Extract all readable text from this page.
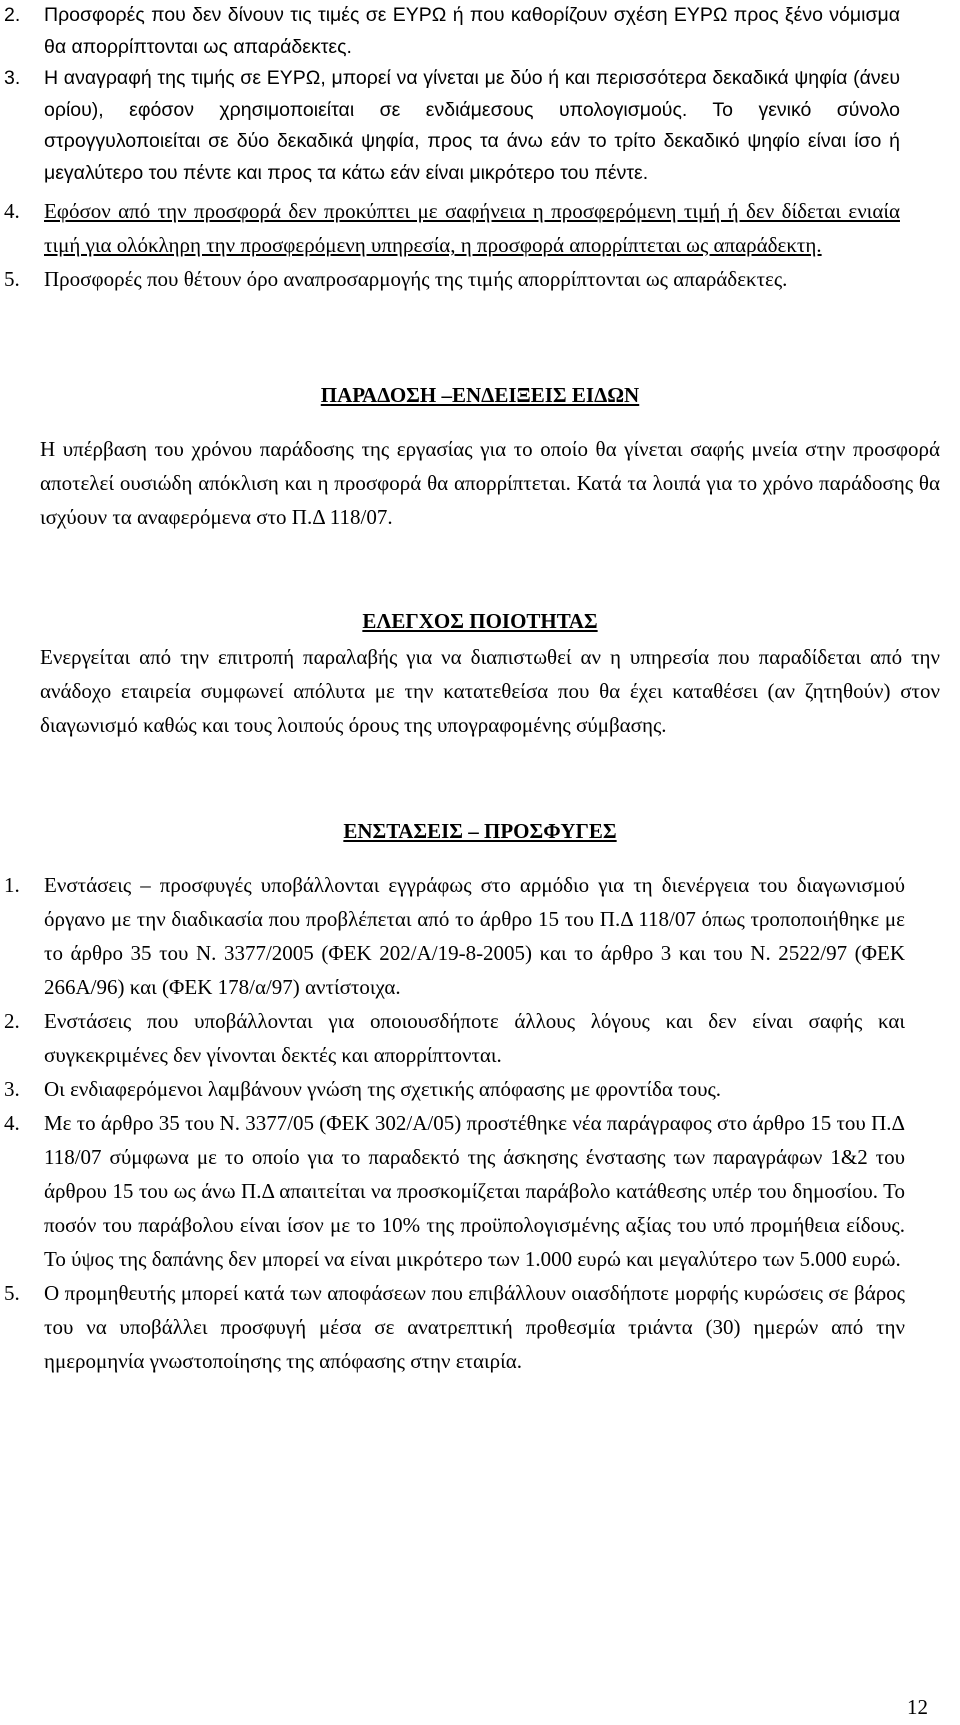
2. Προσφορές που δεν δίνουν τις τιμές σε ΕΥΡΩ ή που καθορίζουν σχέση ΕΥΡΩ προς ξένο νόμισμα θα απορρίπτονται ως απαράδεκτες.
3. Η αναγραφή της τιμής σε ΕΥΡΩ, μπορεί να γίνεται με δύο ή και περισσότερα δεκαδικά ψηφία (άνευ ορίου), εφόσον χρησιμοποιείται σε ενδιάμεσους υπολογισμούς. Το γενικό σύνολο στρογγυλοποιείται σε δύο δεκαδικά ψηφία, προς τα άνω εάν το τρίτο δεκαδικό ψηφίο είναι ίσο ή μεγαλύτερο του πέντε και προς τα κάτω εάν είναι μικρότερο του πέντε.
4. Εφόσον από την προσφορά δεν προκύπτει με σαφήνεια η προσφερόμενη τιμή ή δεν δίδεται ενιαία τιμή για ολόκληρη την προσφερόμενη υπηρεσία, η προσφορά απορρίπτεται ως απαράδεκτη.
5. Προσφορές που θέτουν όρο αναπροσαρμογής της τιμής απορρίπτονται ως απαράδεκτες.
ΠΑΡΑΔΟΣΗ –ΕΝΔΕΙΞΕΙΣ ΕΙΔΩΝ
Η υπέρβαση του χρόνου παράδοσης της εργασίας για το οποίο θα γίνεται σαφής μνεία στην προσφορά αποτελεί ουσιώδη απόκλιση και η προσφορά θα απορρίπτεται. Κατά τα λοιπά για το χρόνο παράδοσης θα ισχύουν τα αναφερόμενα στο Π.Δ 118/07.
ΕΛΕΓΧΟΣ ΠΟΙΟΤΗΤΑΣ
Ενεργείται από την επιτροπή παραλαβής για να διαπιστωθεί αν η υπηρεσία που παραδίδεται από την ανάδοχο εταιρεία συμφωνεί απόλυτα με την κατατεθείσα που θα έχει καταθέσει (αν ζητηθούν) στον διαγωνισμό καθώς και τους λοιπούς όρους της υπογραφομένης σύμβασης.
ΕΝΣΤΑΣΕΙΣ – ΠΡΟΣΦΥΓΕΣ
1. Ενστάσεις – προσφυγές υποβάλλονται εγγράφως στο αρμόδιο για τη διενέργεια του διαγωνισμού όργανο με την διαδικασία που προβλέπεται από το άρθρο 15 του Π.Δ 118/07 όπως τροποποιήθηκε με το άρθρο 35 του Ν. 3377/2005 (ΦΕΚ 202/Α/19-8-2005) και το άρθρο 3 και του Ν. 2522/97 (ΦΕΚ 266Α/96) και (ΦΕΚ 178/α/97) αντίστοιχα.
2. Ενστάσεις που υποβάλλονται για οποιουσδήποτε άλλους λόγους και δεν είναι σαφής και συγκεκριμένες δεν γίνονται δεκτές και απορρίπτονται.
3. Οι ενδιαφερόμενοι λαμβάνουν γνώση της σχετικής απόφασης με φροντίδα τους.
4. Με το άρθρο 35 του Ν. 3377/05 (ΦΕΚ 302/Α/05) προστέθηκε νέα παράγραφος στο άρθρο 15 του Π.Δ 118/07 σύμφωνα με το οποίο για το παραδεκτό της άσκησης ένστασης των παραγράφων 1&2 του άρθρου 15 του ως άνω Π.Δ απαιτείται να προσκομίζεται παράβολο κατάθεσης υπέρ του δημοσίου. Το ποσόν του παράβολου είναι ίσον με το 10% της προϋπολογισμένης αξίας του υπό προμήθεια είδους. Το ύψος της δαπάνης δεν μπορεί να είναι μικρότερο των 1.000 ευρώ και μεγαλύτερο των 5.000 ευρώ.
5. Ο προμηθευτής μπορεί κατά των αποφάσεων που επιβάλλουν οιασδήποτε μορφής κυρώσεις σε βάρος του να υποβάλλει προσφυγή μέσα σε ανατρεπτική προθεσμία τριάντα (30) ημερών από την ημερομηνία γνωστοποίησης της απόφασης στην εταιρία.
12
